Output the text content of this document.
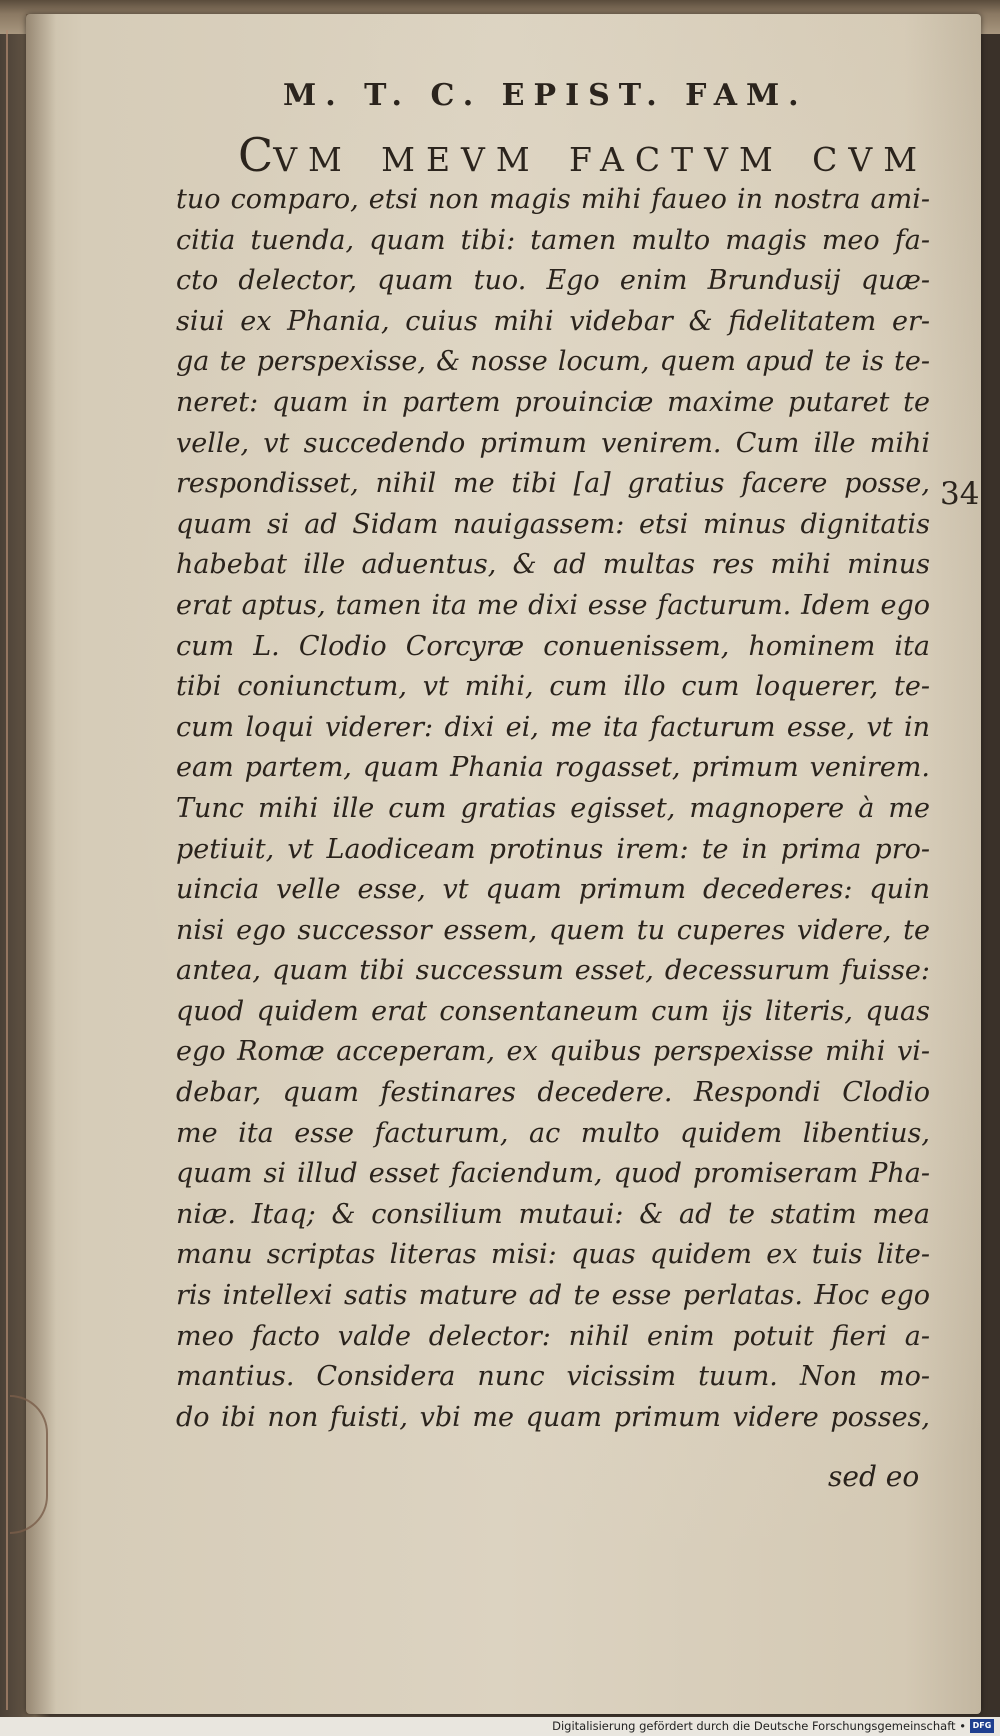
M. T. C. EPIST. FAM.
CVM MEVM FACTVM CVM
tuo comparo, etsi non magis mihi faueo in nostra ami-
citia tuenda, quam tibi: tamen multo magis meo fa-
cto delector, quam tuo. Ego enim Brundusij quæ-
siui ex Phania, cuius mihi videbar & fidelitatem er-
ga te perspexisse, & nosse locum, quem apud te is te-
neret: quam in partem prouinciæ maxime putaret te
velle, vt succedendo primum venirem. Cum ille mihi
respondisset, nihil me tibi [a] gratius facere posse,
quam si ad Sidam nauigassem: etsi minus dignitatis
habebat ille aduentus, & ad multas res mihi minus
erat aptus, tamen ita me dixi esse facturum. Idem ego
cum L. Clodio Corcyræ conuenissem, hominem ita
tibi coniunctum, vt mihi, cum illo cum loquerer, te-
cum loqui viderer: dixi ei, me ita facturum esse, vt in
eam partem, quam Phania rogasset, primum venirem.
Tunc mihi ille cum gratias egisset, magnopere à me
petiuit, vt Laodiceam protinus irem: te in prima pro-
uincia velle esse, vt quam primum decederes: quin
nisi ego successor essem, quem tu cuperes videre, te
antea, quam tibi successum esset, decessurum fuisse:
quod quidem erat consentaneum cum ijs literis, quas
ego Romæ acceperam, ex quibus perspexisse mihi vi-
debar, quam festinares decedere. Respondi Clodio
me ita esse facturum, ac multo quidem libentius,
quam si illud esset faciendum, quod promiseram Pha-
niæ. Itaq; & consilium mutaui: & ad te statim mea
manu scriptas literas misi: quas quidem ex tuis lite-
ris intellexi satis mature ad te esse perlatas. Hoc ego
meo facto valde delector: nihil enim potuit fieri a-
mantius. Considera nunc vicissim tuum. Non mo-
do ibi non fuisti, vbi me quam primum videre posses,
34
sed eo
Digitalisierung gefördert durch die Deutsche Forschungsgemeinschaft • DFG
